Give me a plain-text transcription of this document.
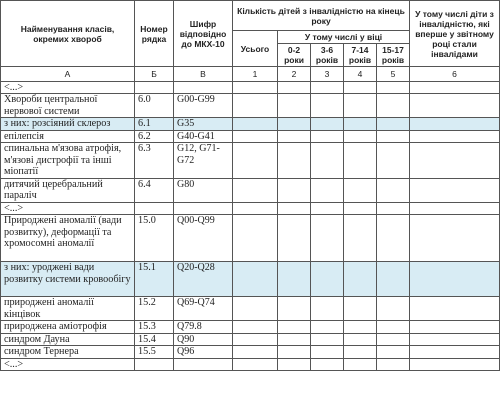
Найменування класів, окремих хвороб	Номер рядка	Шифр відповідно до МКХ-10	Кількість дітей з інвалідністю на кінець року					У тому числі діти з інвалідністю, які вперше у звітному році стали інвалідами
			Усього	У тому числі у віці				
				0-2 роки	3-6 років	7-14 років	15-17 років	
А	Б	В	1	2	3	4	5	6
<...>								
Хвороби центральної нервової системи	6.0	G00-G99						
з них: розсіяний склероз	6.1	G35						
епілепсія	6.2	G40-G41						
спинальна м'язова атрофія, м'язові дистрофії та інші міопатії	6.3	G12, G71-G72						
дитячий церебральний параліч	6.4	G80						
<...>								
Природжені аномалії (вади розвитку), деформації та хромосомні аномалії	15.0	Q00-Q99						
з них: уроджені вади розвитку системи кровообігу	15.1	Q20-Q28						
природжені аномалії кінцівок	15.2	Q69-Q74						
природжена аміотрофія	15.3	Q79.8						
синдром Дауна	15.4	Q90						
синдром Тернера	15.5	Q96						
<...>								
